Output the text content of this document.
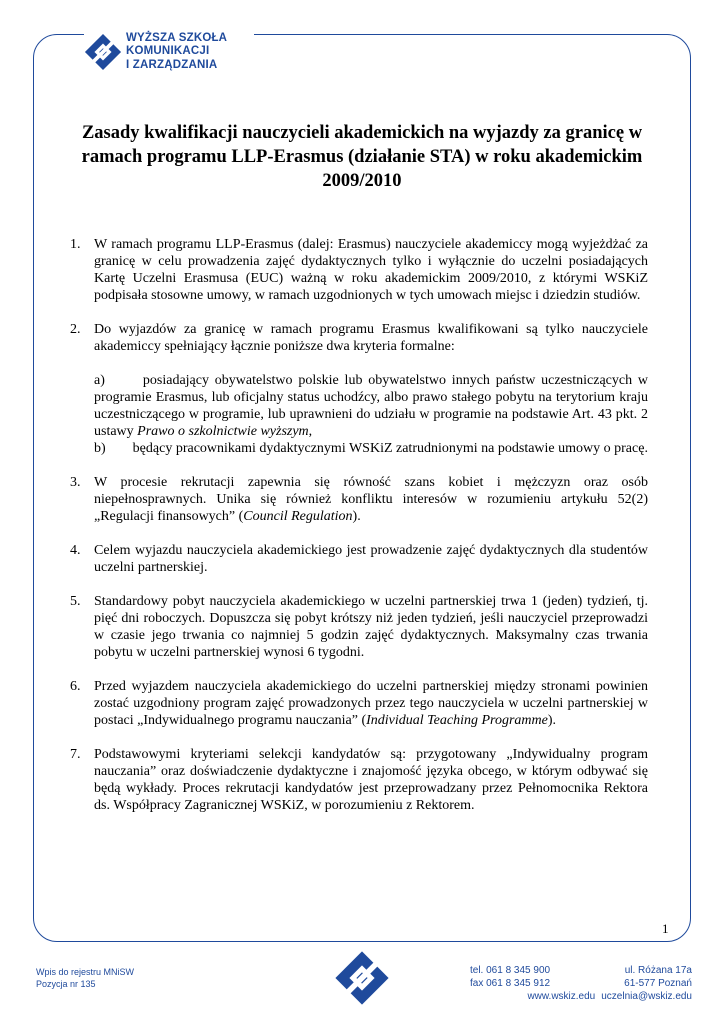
WYŻSZA SZKOŁA
KOMUNIKACJI
I ZARZĄDZANIA
Zasady kwalifikacji nauczycieli akademickich na wyjazdy za granicę w ramach programu LLP-Erasmus (działanie STA) w roku akademickim 2009/2010
1. W ramach programu LLP-Erasmus (dalej: Erasmus) nauczyciele akademiccy mogą wyjeżdżać za granicę w celu prowadzenia zajęć dydaktycznych tylko i wyłącznie do uczelni posiadających Kartę Uczelni Erasmusa (EUC) ważną w roku akademickim 2009/2010, z którymi WSKiZ podpisała stosowne umowy, w ramach uzgodnionych w tych umowach miejsc i dziedzin studiów.
2. Do wyjazdów za granicę w ramach programu Erasmus kwalifikowani są tylko nauczyciele akademiccy spełniający łącznie poniższe dwa kryteria formalne:
a)	posiadający obywatelstwo polskie lub obywatelstwo innych państw uczestniczących w programie Erasmus, lub oficjalny status uchodźcy, albo prawo stałego pobytu na terytorium kraju uczestniczącego w programie, lub uprawnieni do udziału w programie na podstawie Art. 43 pkt. 2 ustawy Prawo o szkolnictwie wyższym,
b) będący pracownikami dydaktycznymi WSKiZ zatrudnionymi na podstawie umowy o pracę.
3. W procesie rekrutacji zapewnia się równość szans kobiet i mężczyzn oraz osób niepełnosprawnych. Unika się również konfliktu interesów w rozumieniu artykułu 52(2) „Regulacji finansowych” (Council Regulation).
4. Celem wyjazdu nauczyciela akademickiego jest prowadzenie zajęć dydaktycznych dla studentów uczelni partnerskiej.
5. Standardowy pobyt nauczyciela akademickiego w uczelni partnerskiej trwa 1 (jeden) tydzień, tj. pięć dni roboczych. Dopuszcza się pobyt krótszy niż jeden tydzień, jeśli nauczyciel przeprowadzi w czasie jego trwania co najmniej 5 godzin zajęć dydaktycznych. Maksymalny czas trwania pobytu w uczelni partnerskiej wynosi 6 tygodni.
6. Przed wyjazdem nauczyciela akademickiego do uczelni partnerskiej między stronami powinien zostać uzgodniony program zajęć prowadzonych przez tego nauczyciela w uczelni partnerskiej w postaci „Indywidualnego programu nauczania” (Individual Teaching Programme).
7. Podstawowymi kryteriami selekcji kandydatów są: przygotowany „Indywidualny program nauczania” oraz doświadczenie dydaktyczne i znajomość języka obcego, w którym odbywać się będą wykłady. Proces rekrutacji kandydatów jest przeprowadzany przez Pełnomocnika Rektora ds. Współpracy Zagranicznej WSKiZ, w porozumieniu z Rektorem.
1
Wpis do rejestru MNiSW
Pozycja nr 135
tel. 061 8 345 900	ul. Różana 17a
fax 061 8 345 912	61-577 Poznań
www.wskiz.edu uczelnia@wskiz.edu
